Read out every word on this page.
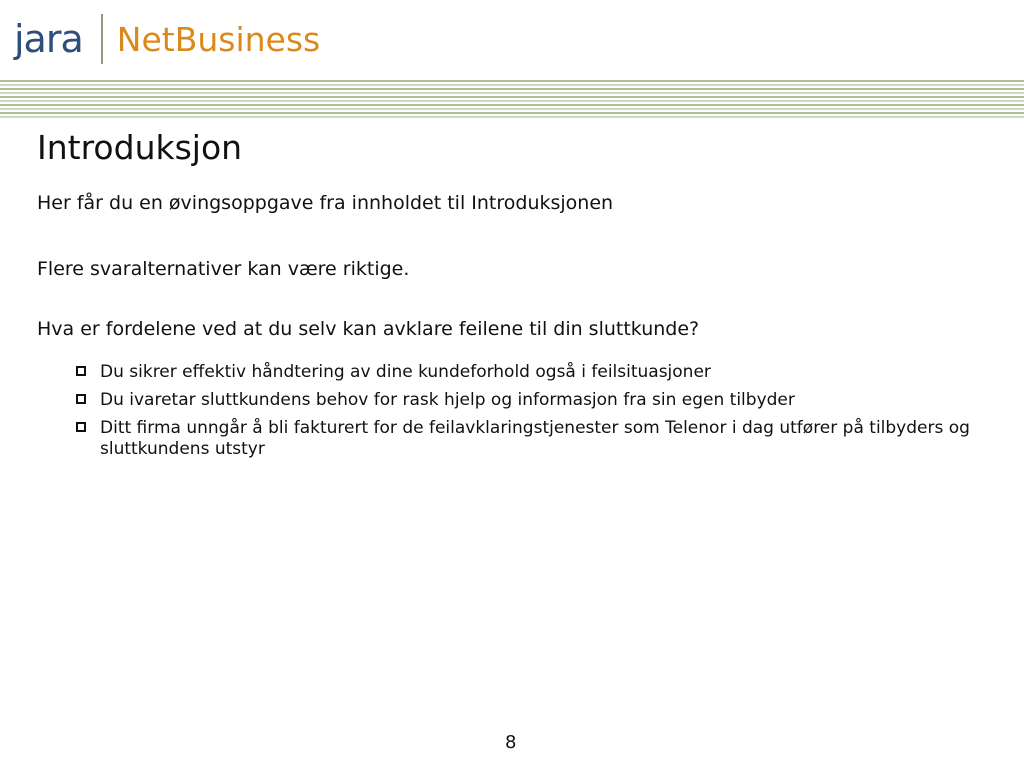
jara NetBusiness
Introduksjon
Her får du en øvingsoppgave fra innholdet til Introduksjonen
Flere svaralternativer kan være riktige.
Hva er fordelene ved at du selv kan avklare feilene til din sluttkunde?
Du sikrer effektiv håndtering av dine kundeforhold også i feilsituasjoner
Du ivaretar sluttkundens behov for rask hjelp og informasjon fra sin egen tilbyder
Ditt firma unngår å bli fakturert for de feilavklaringstjenester som Telenor i dag utfører på tilbyders og sluttkundens utstyr
8
